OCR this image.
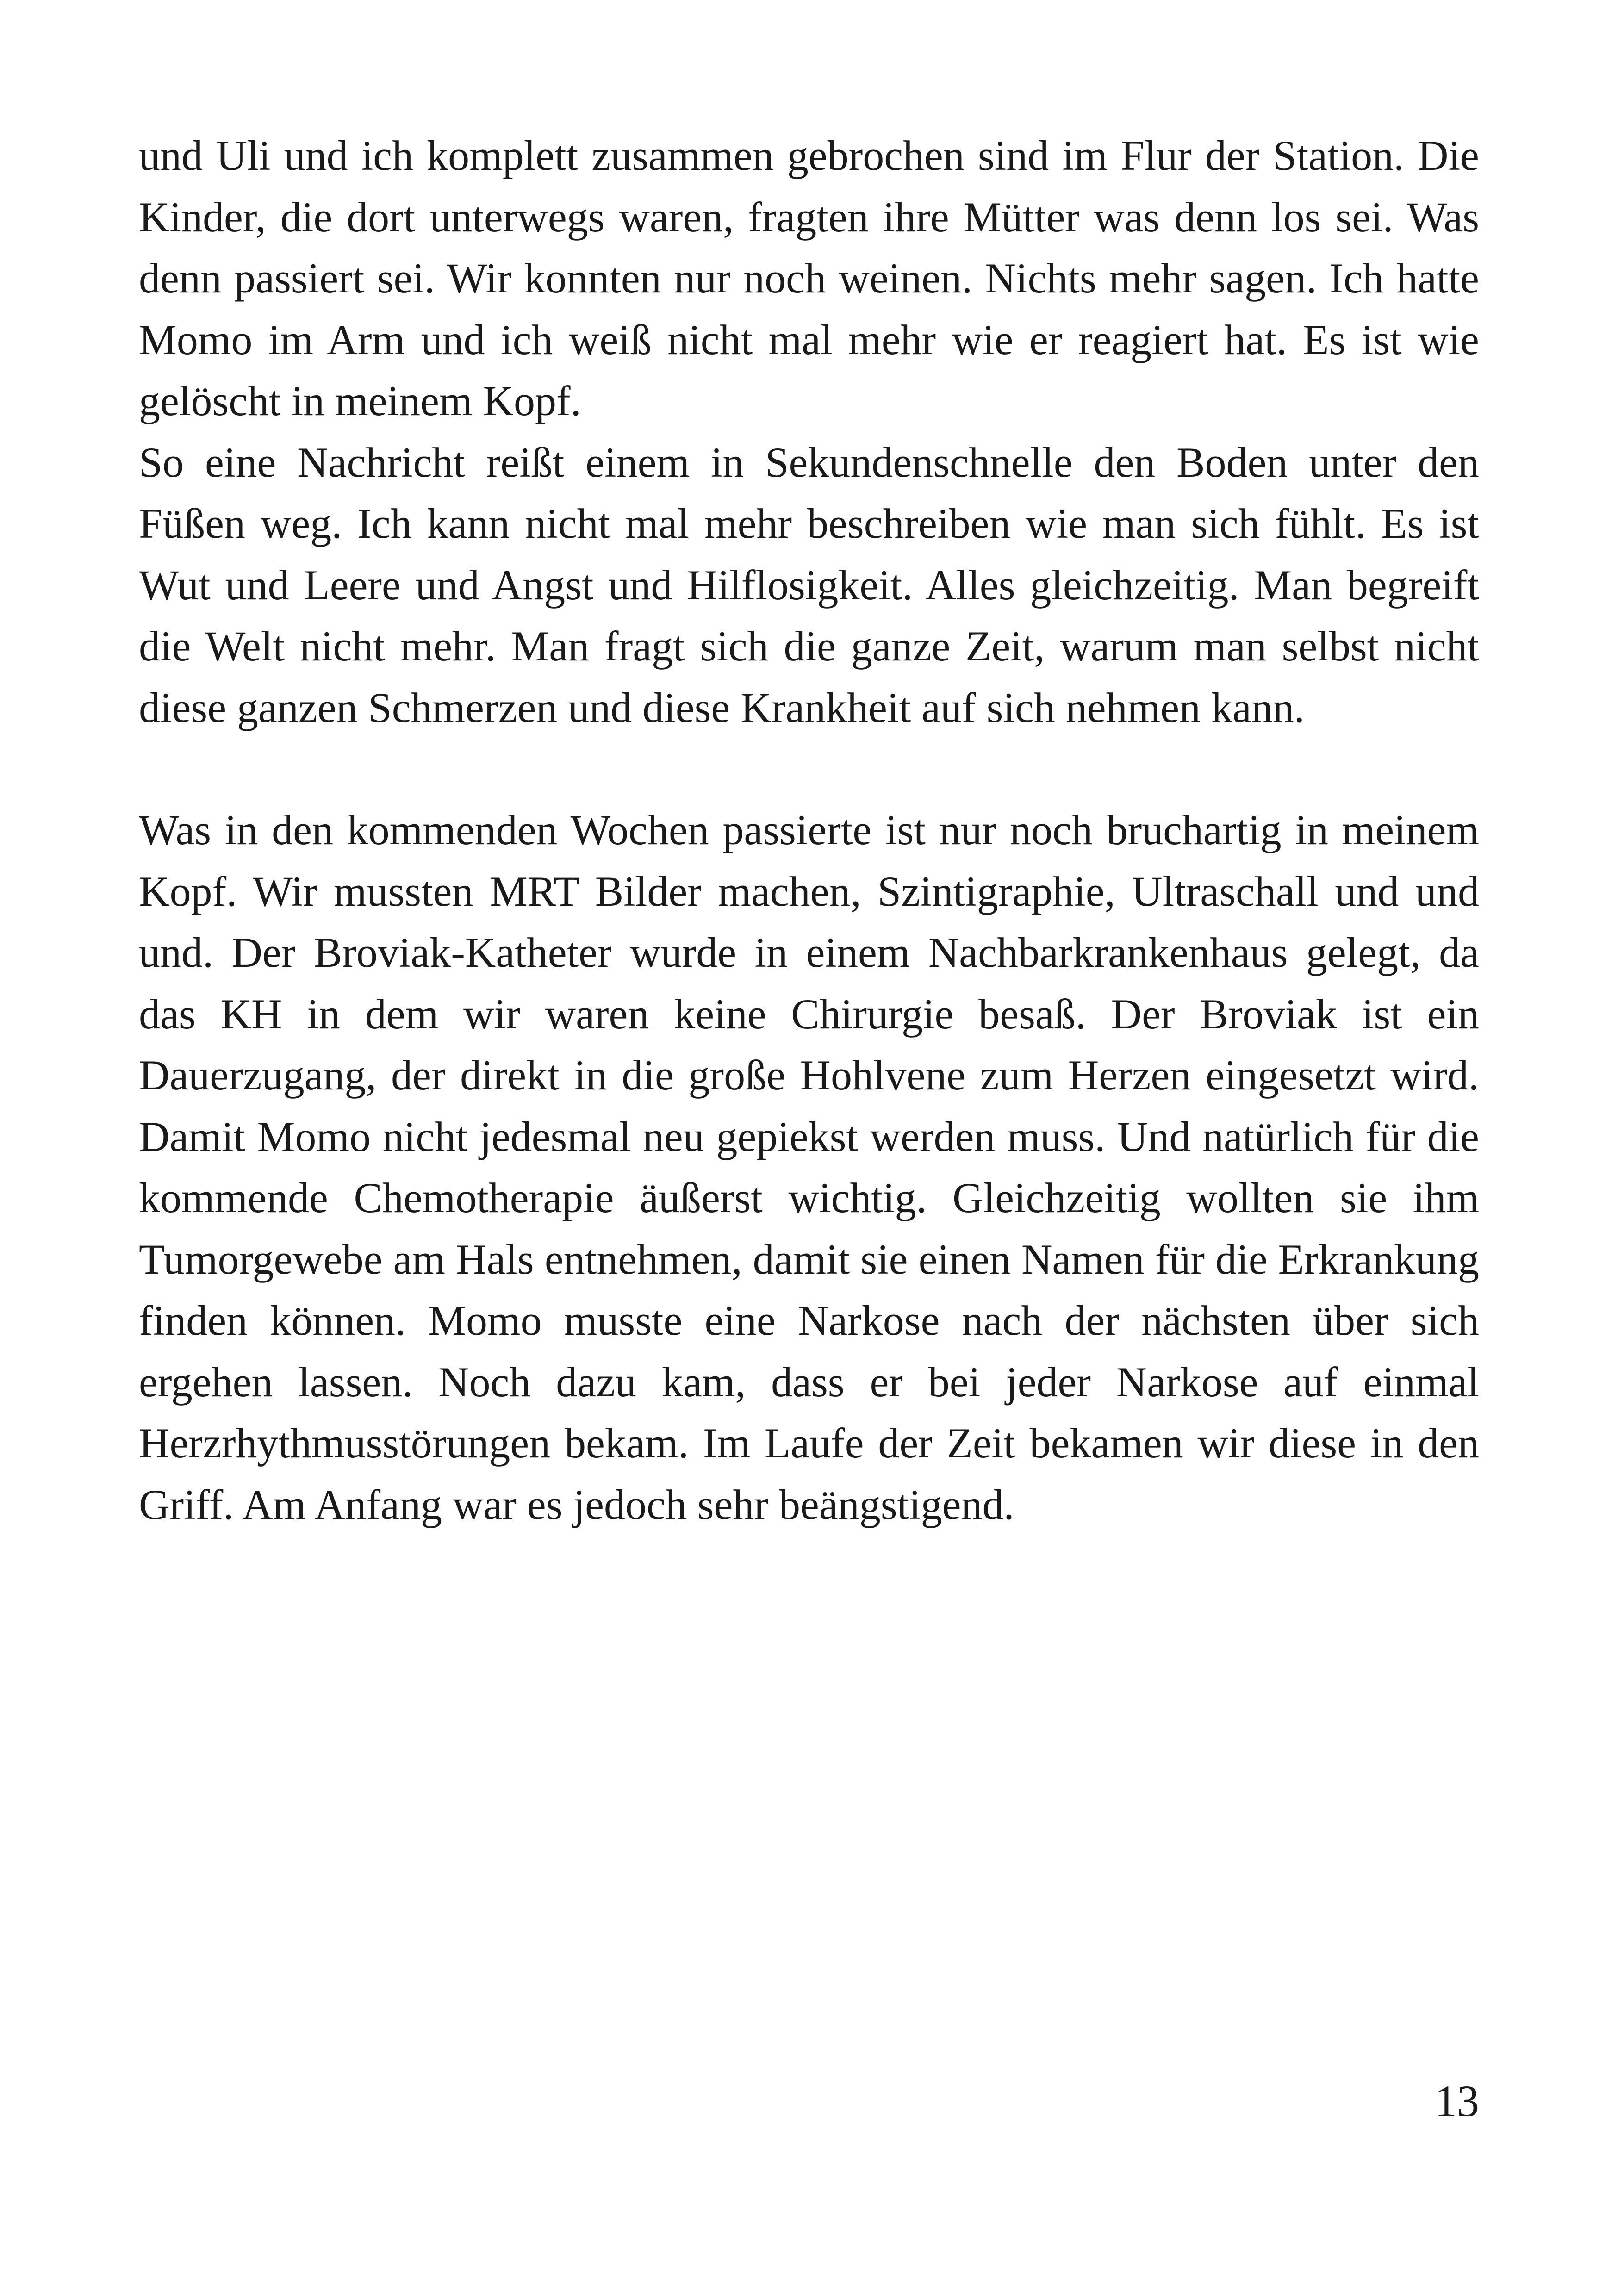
und Uli und ich komplett zusammen gebrochen sind im Flur der Station. Die Kinder, die dort unterwegs waren, fragten ihre Mütter was denn los sei. Was denn passiert sei. Wir konnten nur noch weinen. Nichts mehr sagen. Ich hatte Momo im Arm und ich weiß nicht mal mehr wie er reagiert hat. Es ist wie gelöscht in meinem Kopf.

So eine Nachricht reißt einem in Sekundenschnelle den Boden unter den Füßen weg. Ich kann nicht mal mehr beschreiben wie man sich fühlt. Es ist Wut und Leere und Angst und Hilflosigkeit. Alles gleichzeitig. Man begreift die Welt nicht mehr. Man fragt sich die ganze Zeit, warum man selbst nicht diese ganzen Schmerzen und diese Krankheit auf sich nehmen kann.

Was in den kommenden Wochen passierte ist nur noch bruchartig in meinem Kopf. Wir mussten MRT Bilder machen, Szintigraphie, Ultraschall und und und. Der Broviak-Katheter wurde in einem Nachbarkrankenhaus gelegt, da das KH in dem wir waren keine Chirurgie besaß. Der Broviak ist ein Dauerzugang, der direkt in die große Hohlvene zum Herzen eingesetzt wird. Damit Momo nicht jedesmal neu gepiekst werden muss. Und natürlich für die kommende Chemotherapie äußerst wichtig. Gleichzeitig wollten sie ihm Tumorgewebe am Hals entnehmen, damit sie einen Namen für die Erkrankung finden können. Momo musste eine Narkose nach der nächsten über sich ergehen lassen. Noch dazu kam, dass er bei jeder Narkose auf einmal Herzrhythmusstörungen bekam. Im Laufe der Zeit bekamen wir diese in den Griff. Am Anfang war es jedoch sehr beängstigend.

13
